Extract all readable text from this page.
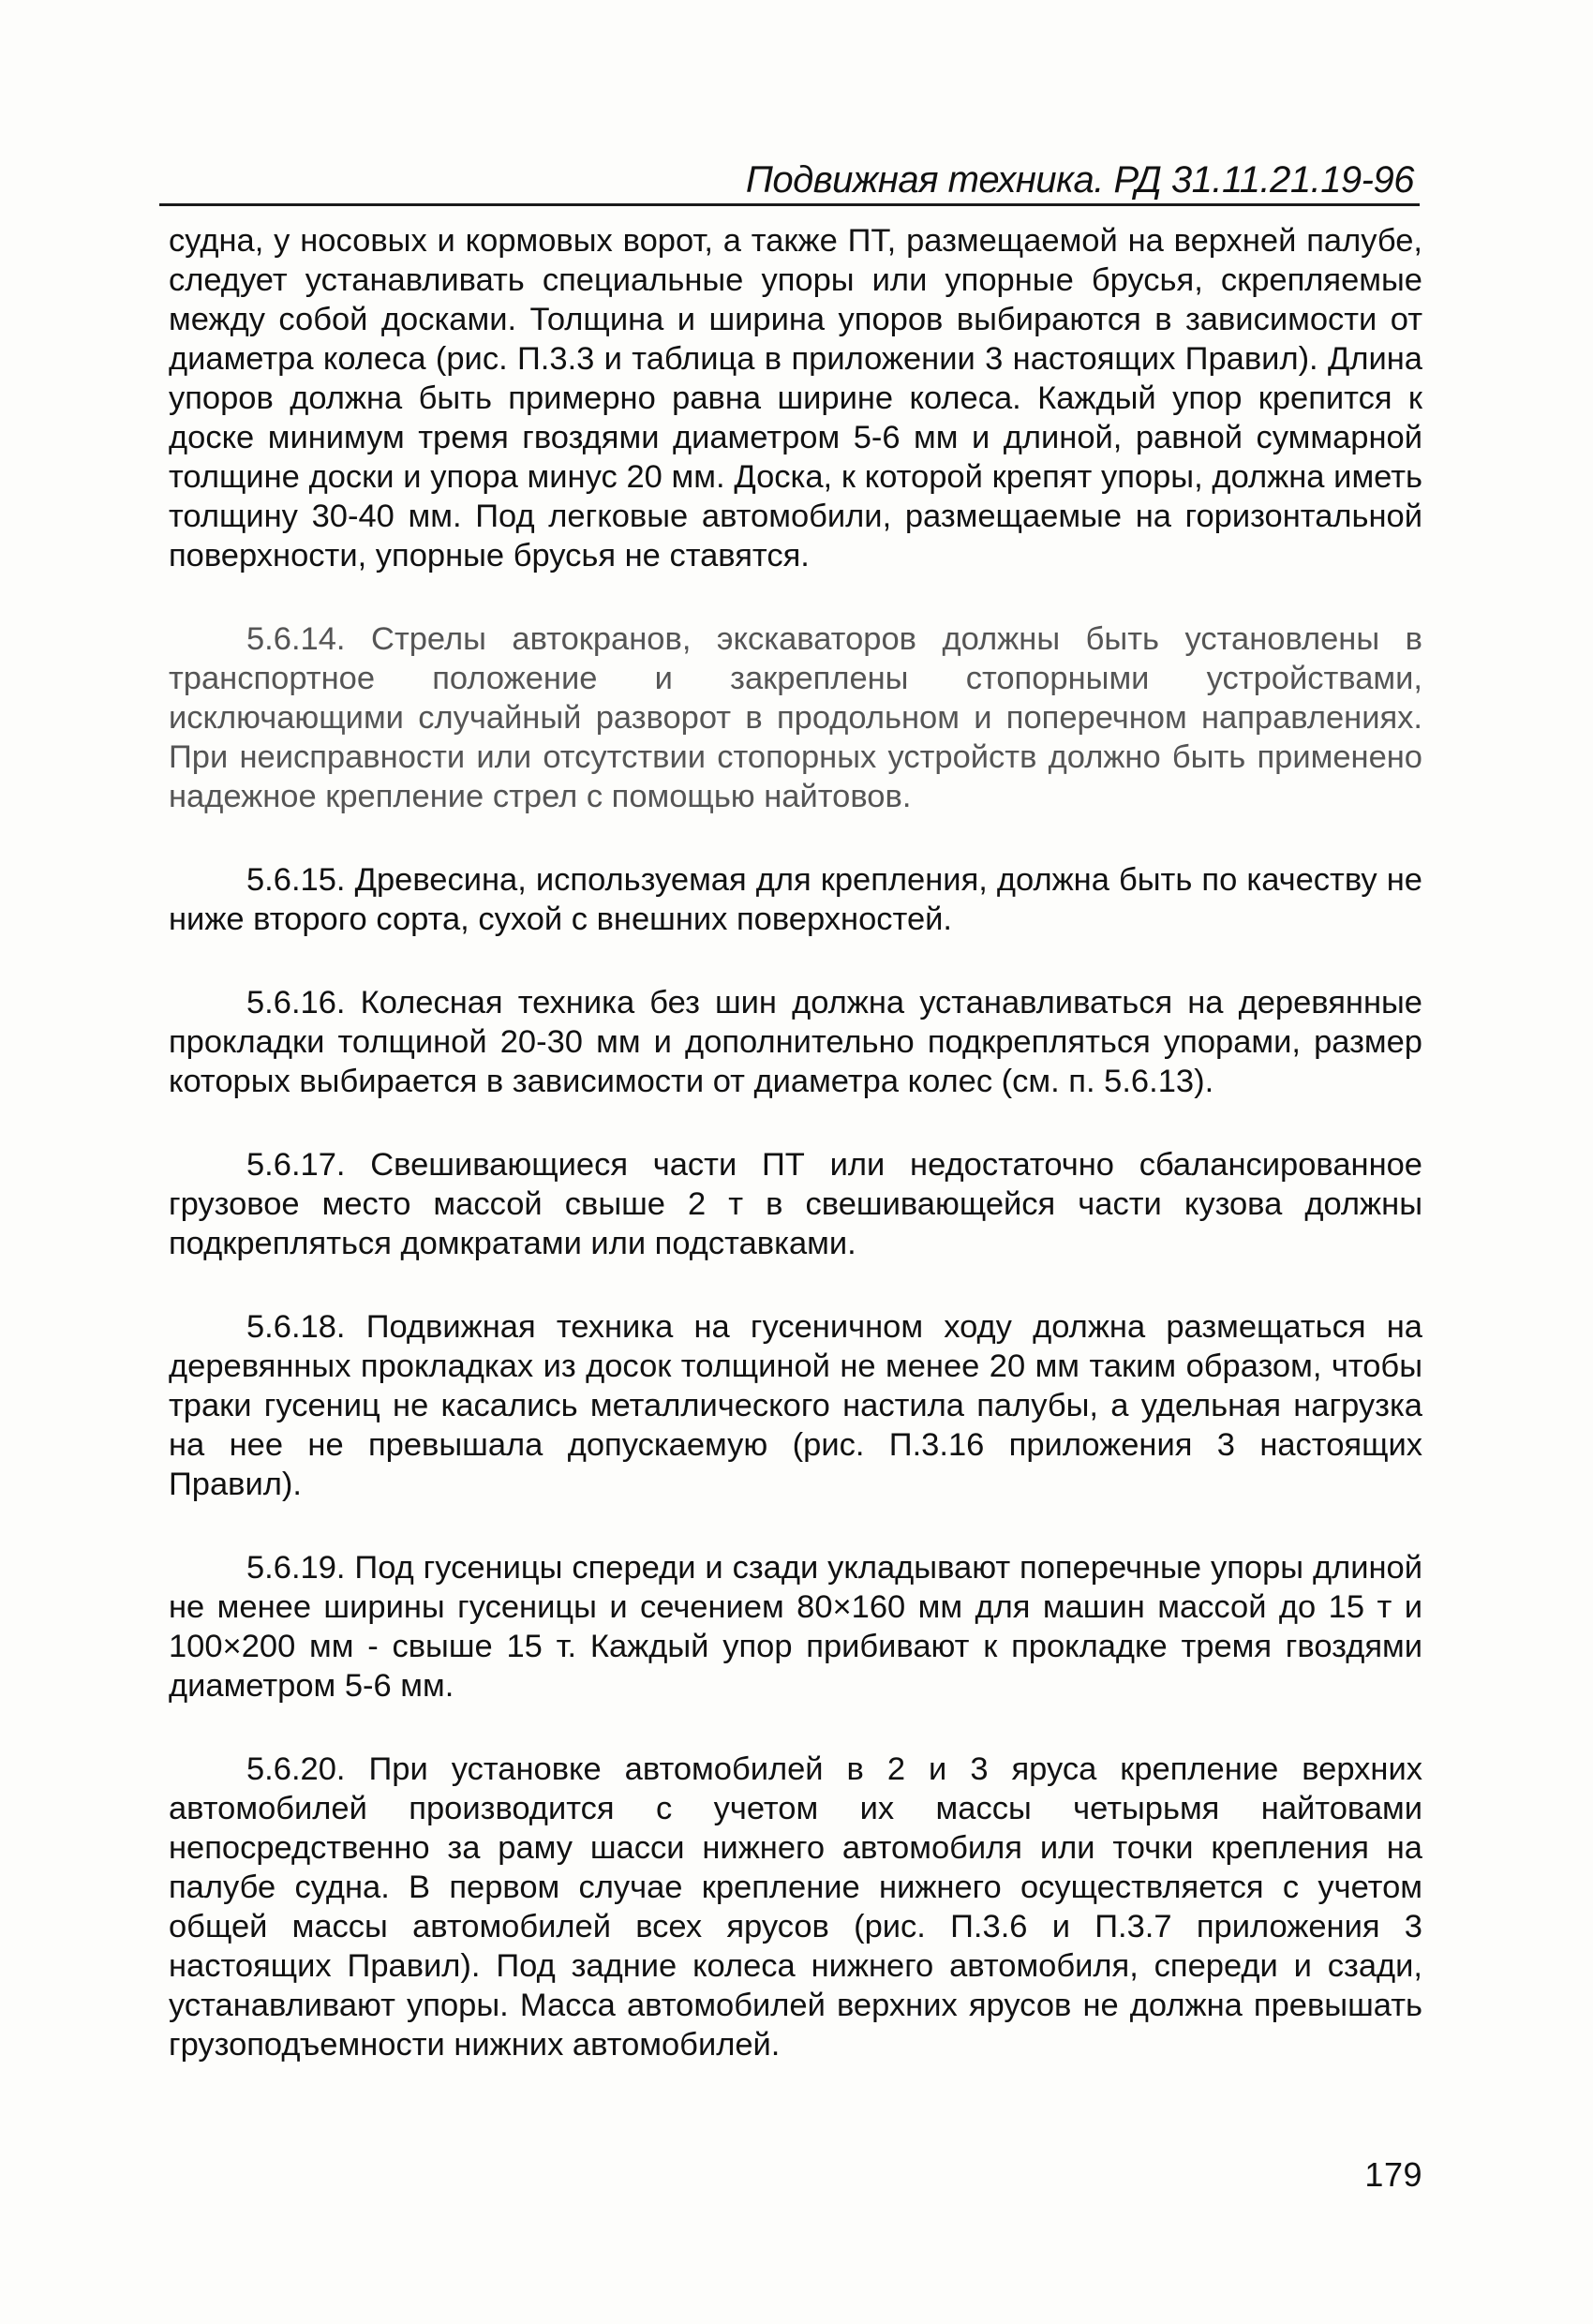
Подвижная техника. РД 31.11.21.19-96

судна, у носовых и кормовых ворот, а также ПТ, размещаемой на верхней палубе, следует устанавливать специальные упоры или упорные брусья, скрепляемые между собой досками. Толщина и ширина упоров выбираются в зависимости от диаметра колеса (рис. П.3.3 и таблица в приложении 3 настоящих Правил). Длина упоров должна быть примерно равна ширине колеса. Каждый упор крепится к доске минимум тремя гвоздями диаметром 5-6 мм и длиной, равной суммарной толщине доски и упора минус 20 мм. Доска, к которой крепят упоры, должна иметь толщину 30-40 мм. Под легковые автомобили, размещаемые на горизонтальной поверхности, упорные брусья не ставятся.

5.6.14. Стрелы автокранов, экскаваторов должны быть установлены в транспортное положение и закреплены стопорными устройствами, исключающими случайный разворот в продольном и поперечном направлениях. При неисправности или отсутствии стопорных устройств должно быть применено надежное крепление стрел с помощью найтовов.

5.6.15. Древесина, используемая для крепления, должна быть по качеству не ниже второго сорта, сухой с внешних поверхностей.

5.6.16. Колесная техника без шин должна устанавливаться на деревянные прокладки толщиной 20-30 мм и дополнительно подкрепляться упорами, размер которых выбирается в зависимости от диаметра колес (см. п. 5.6.13).

5.6.17. Свешивающиеся части ПТ или недостаточно сбалансированное грузовое место массой свыше 2 т в свешивающейся части кузова должны подкрепляться домкратами или подставками.

5.6.18. Подвижная техника на гусеничном ходу должна размещаться на деревянных прокладках из досок толщиной не менее 20 мм таким образом, чтобы траки гусениц не касались металлического настила палубы, а удельная нагрузка на нее не превышала допускаемую (рис. П.3.16 приложения 3 настоящих Правил).

5.6.19. Под гусеницы спереди и сзади укладывают поперечные упоры длиной не менее ширины гусеницы и сечением 80×160 мм для машин массой до 15 т и 100×200 мм - свыше 15 т. Каждый упор прибивают к прокладке тремя гвоздями диаметром 5-6 мм.

5.6.20. При установке автомобилей в 2 и 3 яруса крепление верхних автомобилей производится с учетом их массы четырьмя найтовами непосредственно за раму шасси нижнего автомобиля или точки крепления на палубе судна. В первом случае крепление нижнего осуществляется с учетом общей массы автомобилей всех ярусов (рис. П.3.6 и П.3.7 приложения 3 настоящих Правил). Под задние колеса нижнего автомобиля, спереди и сзади, устанавливают упоры. Масса автомобилей верхних ярусов не должна превышать грузоподъемности нижних автомобилей.

179
